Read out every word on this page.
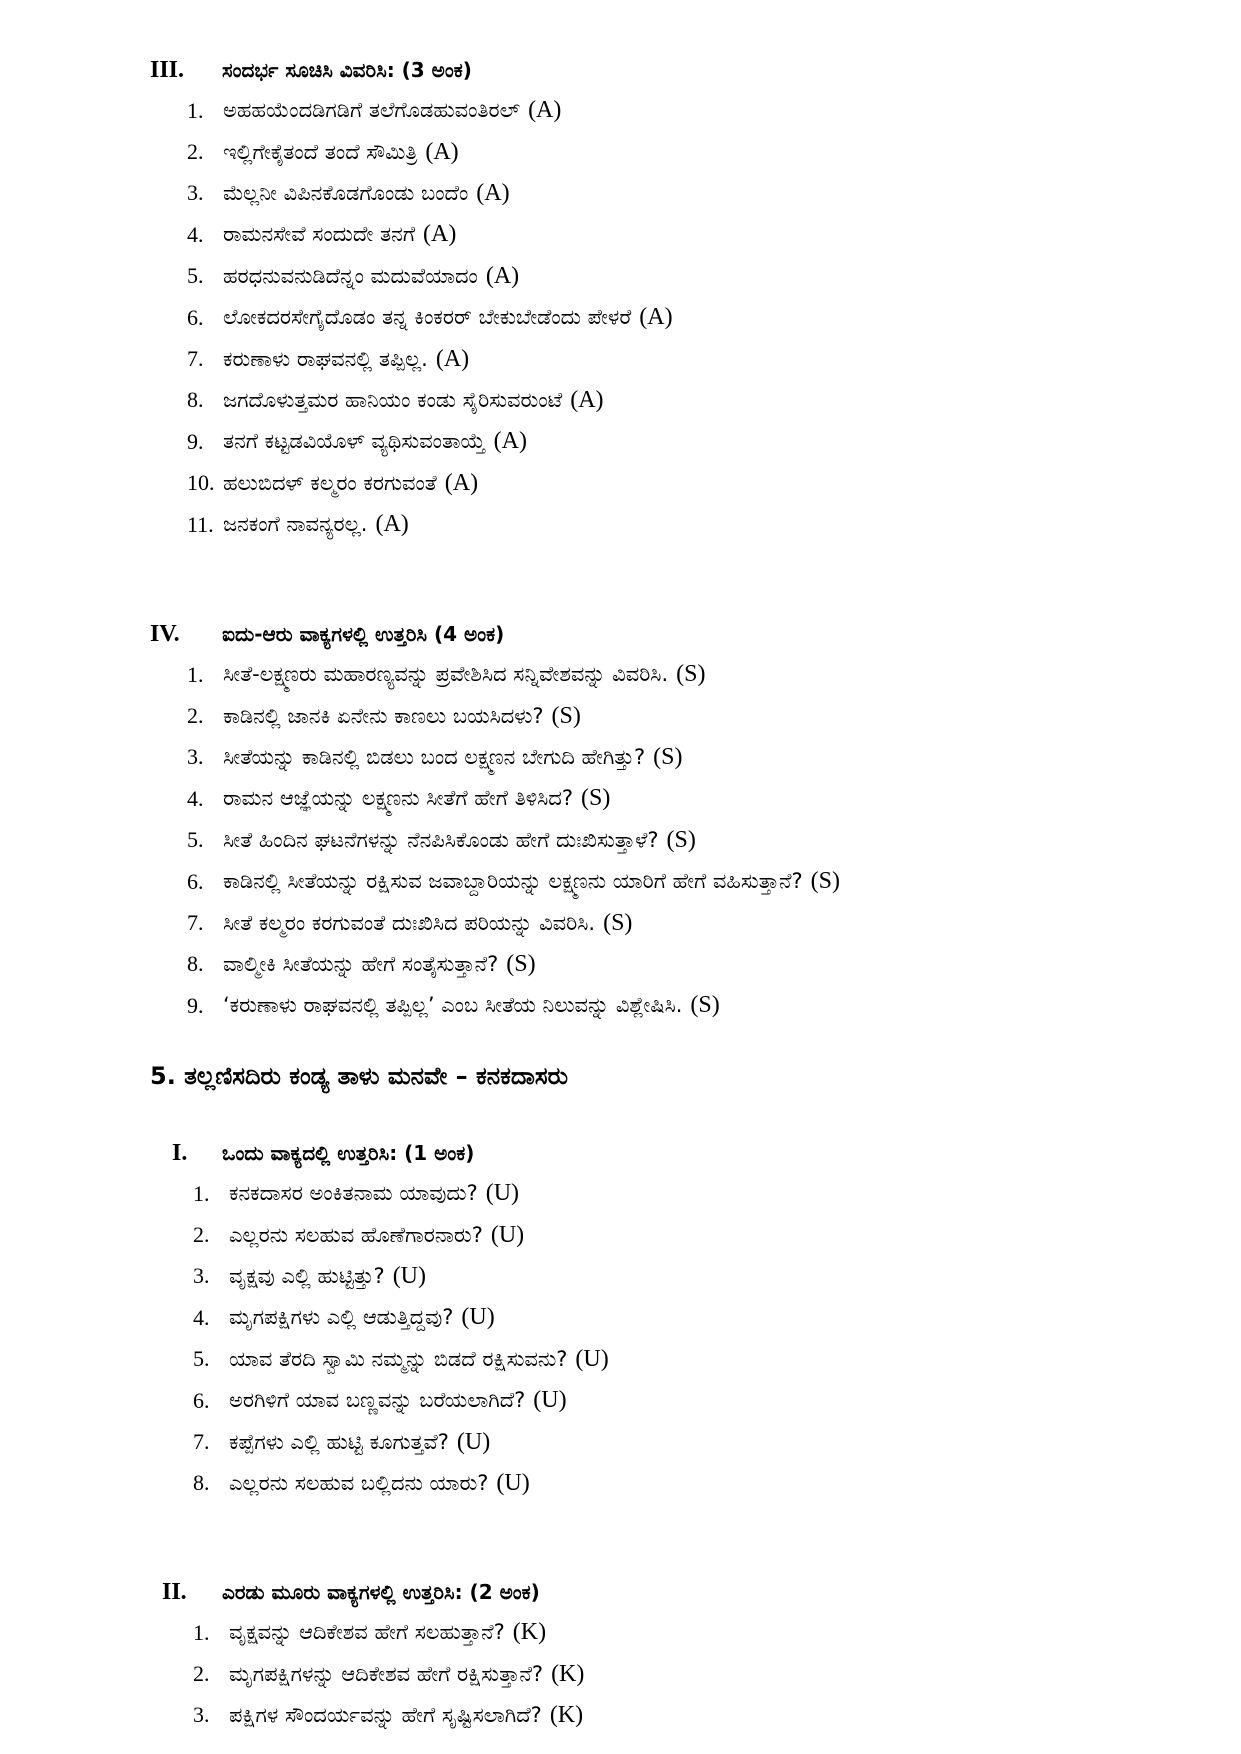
III.	ಸಂದರ್ಭ ಸೂಚಿಸಿ ವಿವರಿಸಿ: (3 ಅಂಕ)
1. ಅಹಹಯೆಂದಡಿಗಡಿಗೆ ತಲೆಗೊಡಹುವಂತಿರಲ್ (A)
2. ಇಲ್ಲಿಗೇಕೈತಂದೆ ತಂದೆ ಸೌಮಿತ್ರಿ (A)
3. ಮೆಲ್ಲನೀ ವಿಪಿನಕೊಡಗೊಂಡು ಬಂದೆಂ (A)
4. ರಾಮನಸೇವೆ ಸಂದುದೇ ತನಗೆ (A)
5. ಹರಧನುವನುಡಿದೆನ್ನಂ ಮದುವೆಯಾದಂ (A)
6. ಲೋಕದರಸೇಗೈದೊಡಂ ತನ್ನ ಕಿಂಕರರ್ ಬೇಕುಬೇಡೆಂದು ಪೇಳರೆ (A)
7. ಕರುಣಾಳು ರಾಘವನಲ್ಲಿ ತಪ್ಪಿಲ್ಲ. (A)
8. ಜಗದೊಳುತ್ತಮರ ಹಾನಿಯಂ ಕಂಡು ಸೈರಿಸುವರುಂಟೆ (A)
9. ತನಗೆ ಕಟ್ಟಡವಿಯೊಳ್ ವ್ಯಥಿಸುವಂತಾಯ್ತೆ (A)
10. ಹಲುಬಿದಳ್ ಕಲ್ಮರಂ ಕರಗುವಂತೆ (A)
11. ಜನಕಂಗೆ ನಾವನ್ಯರಲ್ಲ. (A)
IV.	ಐದು-ಆರು ವಾಕ್ಯಗಳಲ್ಲಿ ಉತ್ತರಿಸಿ (4 ಅಂಕ)
1. ಸೀತೆ-ಲಕ್ಷ್ಮಣರು ಮಹಾರಣ್ಯವನ್ನು ಪ್ರವೇಶಿಸಿದ ಸನ್ನಿವೇಶವನ್ನು ವಿವರಿಸಿ. (S)
2. ಕಾಡಿನಲ್ಲಿ ಜಾನಕಿ ಏನೇನು ಕಾಣಲು ಬಯಸಿದಳು? (S)
3. ಸೀತೆಯನ್ನು ಕಾಡಿನಲ್ಲಿ ಬಿಡಲು ಬಂದ ಲಕ್ಷ್ಮಣನ ಬೇಗುದಿ ಹೇಗಿತ್ತು? (S)
4. ರಾಮನ ಆಜ್ಞೆಯನ್ನು ಲಕ್ಷ್ಮಣನು ಸೀತೆಗೆ ಹೇಗೆ ತಿಳಿಸಿದ? (S)
5. ಸೀತೆ ಹಿಂದಿನ ಘಟನೆಗಳನ್ನು ನೆನಪಿಸಿಕೊಂಡು ಹೇಗೆ ದುಃಖಿಸುತ್ತಾಳೆ? (S)
6. ಕಾಡಿನಲ್ಲಿ ಸೀತೆಯನ್ನು ರಕ್ಷಿಸುವ ಜವಾಬ್ದಾರಿಯನ್ನು ಲಕ್ಷ್ಮಣನು ಯಾರಿಗೆ ಹೇಗೆ ವಹಿಸುತ್ತಾನೆ? (S)
7. ಸೀತೆ ಕಲ್ಮರಂ ಕರಗುವಂತೆ ದುಃಖಿಸಿದ ಪರಿಯನ್ನು ವಿವರಿಸಿ. (S)
8. ವಾಲ್ಮೀಕಿ ಸೀತೆಯನ್ನು ಹೇಗೆ ಸಂತೈಸುತ್ತಾನೆ? (S)
9. ‘ಕರುಣಾಳು ರಾಘವನಲ್ಲಿ ತಪ್ಪಿಲ್ಲ’ ಎಂಬ ಸೀತೆಯ ನಿಲುವನ್ನು ವಿಶ್ಲೇಷಿಸಿ. (S)
5. ತಲ್ಲಣಿಸದಿರು ಕಂಡ್ಯ ತಾಳು ಮನವೇ – ಕನಕದಾಸರು
I.	ಒಂದು ವಾಕ್ಯದಲ್ಲಿ ಉತ್ತರಿಸಿ: (1 ಅಂಕ)
1. ಕನಕದಾಸರ ಅಂಕಿತನಾಮ ಯಾವುದು? (U)
2. ಎಲ್ಲರನು ಸಲಹುವ ಹೊಣೆಗಾರನಾರು? (U)
3. ವೃಕ್ಷವು ಎಲ್ಲಿ ಹುಟ್ಟಿತ್ತು? (U)
4. ಮೃಗಪಕ್ಷಿಗಳು ಎಲ್ಲಿ ಆಡುತ್ತಿದ್ದವು? (U)
5. ಯಾವ ತೆರದಿ ಸ್ವಾಮಿ ನಮ್ಮನ್ನು ಬಿಡದೆ ರಕ್ಷಿಸುವನು? (U)
6. ಅರಗಿಳಿಗೆ ಯಾವ ಬಣ್ಣವನ್ನು ಬರೆಯಲಾಗಿದೆ? (U)
7. ಕಪ್ಪೆಗಳು ಎಲ್ಲಿ ಹುಟ್ಟಿ ಕೂಗುತ್ತವೆ? (U)
8. ಎಲ್ಲರನು ಸಲಹುವ ಬಲ್ಲಿದನು ಯಾರು? (U)
II.	ಎರಡು ಮೂರು ವಾಕ್ಯಗಳಲ್ಲಿ ಉತ್ತರಿಸಿ: (2 ಅಂಕ)
1. ವೃಕ್ಷವನ್ನು ಆದಿಕೇಶವ ಹೇಗೆ ಸಲಹುತ್ತಾನೆ? (K)
2. ಮೃಗಪಕ್ಷಿಗಳನ್ನು ಆದಿಕೇಶವ ಹೇಗೆ ರಕ್ಷಿಸುತ್ತಾನೆ? (K)
3. ಪಕ್ಷಿಗಳ ಸೌಂದರ್ಯವನ್ನು ಹೇಗೆ ಸೃಷ್ಟಿಸಲಾಗಿದೆ? (K)
